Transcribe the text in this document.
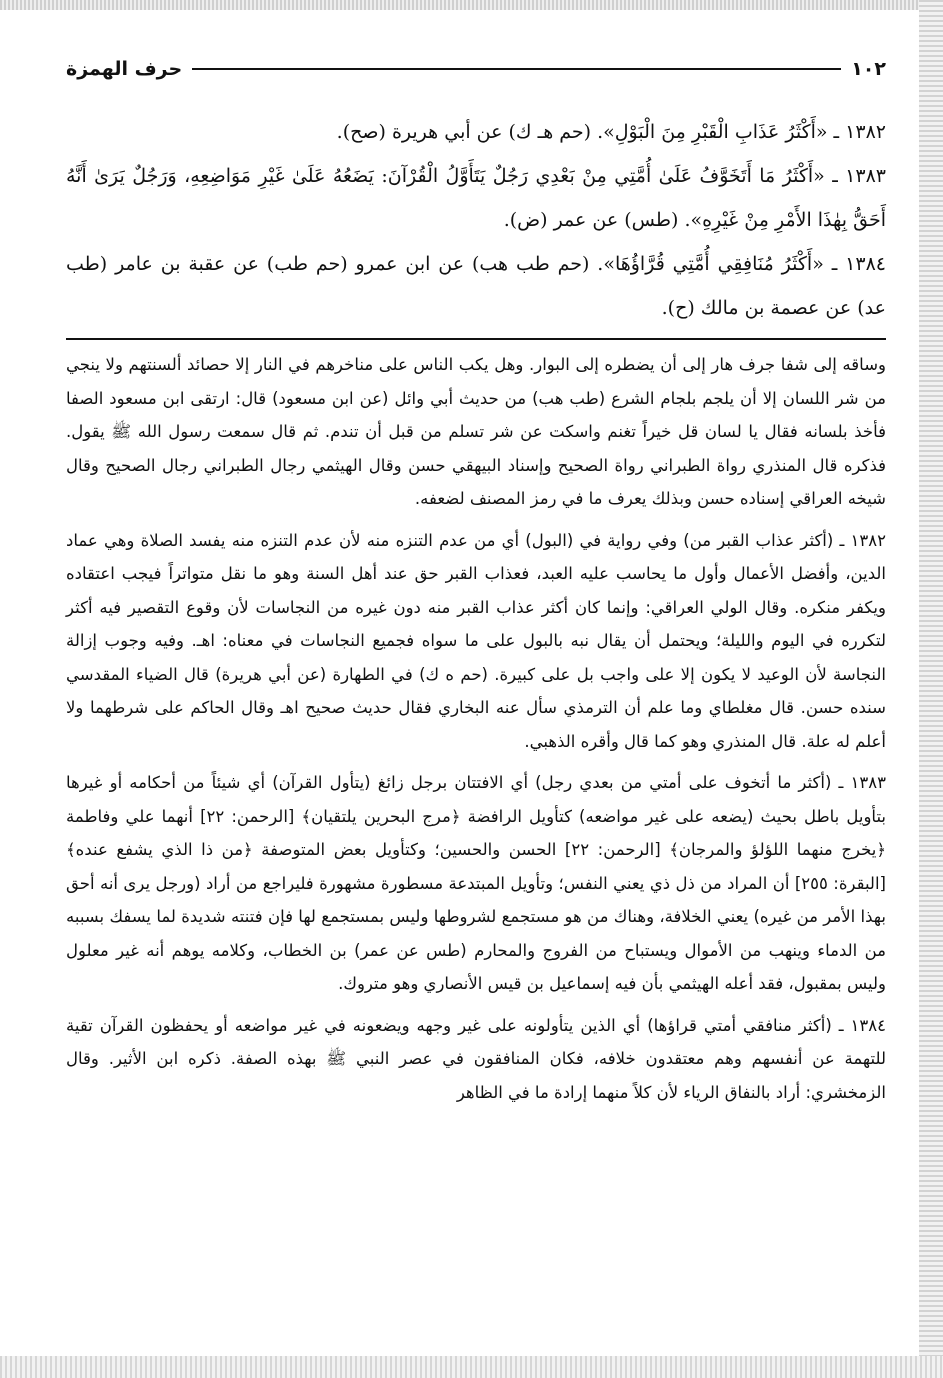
١٠٢
حرف الهمزة

١٣٨٢ ـ «أَكْثَرُ عَذَابِ الْقَبْرِ مِنَ الْبَوْلِ». (حم هـ ك) عن أبي هريرة (صح).

١٣٨٣ ـ «أَكْثَرُ مَا أَتَخَوَّفُ عَلَىٰ أُمَّتِي مِنْ بَعْدِي رَجُلٌ يَتَأَوَّلُ الْقُرْآنَ: يَضَعُهُ عَلَىٰ غَيْرِ مَوَاضِعِهِ، وَرَجُلٌ يَرَىٰ أَنَّهُ أَحَقُّ بِهٰذَا الأَمْرِ مِنْ غَيْرِهِ». (طس) عن عمر (ض).

١٣٨٤ ـ «أَكْثَرُ مُنَافِقِي أُمَّتِي قُرَّاؤُهَا». (حم طب هب) عن ابن عمرو (حم طب) عن عقبة بن عامر (طب عد) عن عصمة بن مالك (ح).

وساقه إلى شفا جرف هار إلى أن يضطره إلى البوار. وهل يكب الناس على مناخرهم في النار إلا حصائد ألسنتهم ولا ينجي من شر اللسان إلا أن يلجم بلجام الشرع (طب هب) من حديث أبي وائل (عن ابن مسعود) قال: ارتقى ابن مسعود الصفا فأخذ بلسانه فقال يا لسان قل خيراً تغنم واسكت عن شر تسلم من قبل أن تندم. ثم قال سمعت رسول الله ﷺ يقول. فذكره قال المنذري رواة الطبراني رواة الصحيح وإسناد البيهقي حسن وقال الهيثمي رجال الطبراني رجال الصحيح وقال شيخه العراقي إسناده حسن وبذلك يعرف ما في رمز المصنف لضعفه.

١٣٨٢ ـ (أكثر عذاب القبر من) وفي رواية في (البول) أي من عدم التنزه منه لأن عدم التنزه منه يفسد الصلاة وهي عماد الدين، وأفضل الأعمال وأول ما يحاسب عليه العبد، فعذاب القبر حق عند أهل السنة وهو ما نقل متواتراً فيجب اعتقاده ويكفر منكره. وقال الولي العراقي: وإنما كان أكثر عذاب القبر منه دون غيره من النجاسات لأن وقوع التقصير فيه أكثر لتكرره في اليوم والليلة؛ ويحتمل أن يقال نبه بالبول على ما سواه فجميع النجاسات في معناه: اهـ. وفيه وجوب إزالة النجاسة لأن الوعيد لا يكون إلا على واجب بل على كبيرة. (حم ه ك) في الطهارة (عن أبي هريرة) قال الضياء المقدسي سنده حسن. قال مغلطاي وما علم أن الترمذي سأل عنه البخاري فقال حديث صحيح اهـ وقال الحاكم على شرطهما ولا أعلم له علة. قال المنذري وهو كما قال وأقره الذهبي.

١٣٨٣ ـ (أكثر ما أتخوف على أمتي من بعدي رجل) أي الافتتان برجل زائغ (يتأول القرآن) أي شيئاً من أحكامه أو غيرها بتأويل باطل بحيث (يضعه على غير مواضعه) كتأويل الرافضة ﴿مرج البحرين يلتقيان﴾ [الرحمن: ٢٢] أنهما علي وفاطمة ﴿يخرج منهما اللؤلؤ والمرجان﴾ [الرحمن: ٢٢] الحسن والحسين؛ وكتأويل بعض المتوصفة ﴿من ذا الذي يشفع عنده﴾ [البقرة: ٢٥٥] أن المراد من ذل ذي يعني النفس؛ وتأويل المبتدعة مسطورة مشهورة فليراجع من أراد (ورجل يرى أنه أحق بهذا الأمر من غيره) يعني الخلافة، وهناك من هو مستجمع لشروطها وليس بمستجمع لها فإن فتنته شديدة لما يسفك بسببه من الدماء وينهب من الأموال ويستباح من الفروج والمحارم (طس عن عمر) بن الخطاب، وكلامه يوهم أنه غير معلول وليس بمقبول، فقد أعله الهيثمي بأن فيه إسماعيل بن قيس الأنصاري وهو متروك.

١٣٨٤ ـ (أكثر منافقي أمتي قراؤها) أي الذين يتأولونه على غير وجهه ويضعونه في غير مواضعه أو يحفظون القرآن تقية للتهمة عن أنفسهم وهم معتقدون خلافه، فكان المنافقون في عصر النبي ﷺ بهذه الصفة. ذكره ابن الأثير. وقال الزمخشري: أراد بالنفاق الرياء لأن كلاً منهما إرادة ما في الظاهر
